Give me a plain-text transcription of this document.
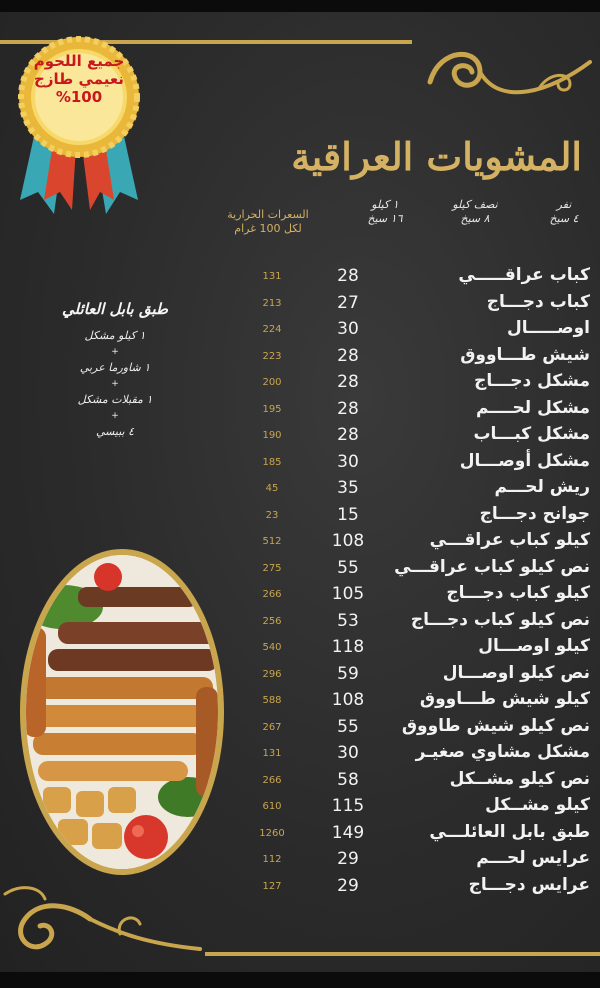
جميع اللحوم
نعيمي طازج
%100
المشويات العراقية
نفر
٤ سيخ
نصف كيلو
٨ سيخ
١ كيلو
١٦ سيخ
السعرات الحرارية
لكل 100 غرام
131	28	كباب عراقـــــي
213	27	كباب دجـــاج
224	30	اوصـــــال
223	28	شيش طـــاووق
200	28	مشكل دجـــاج
195	28	مشكل لحــــم
190	28	مشكل كبـــاب
185	30	مشكل أوصـــال
45	35	ريش لحـــم
23	15	جوانح دجـــاج
512	108	كيلو كباب عراقـــي
275	55	نص كيلو كباب عراقـــي
266	105	كيلو كباب دجـــاج
256	53	نص كيلو كباب دجـــاج
540	118	كيلو اوصـــال
296	59	نص كيلو اوصـــال
588	108	كيلو شيش طـــاووق
267	55	نص كيلو شيش طاووق
131	30	مشكل مشاوي صغيـر
266	58	نص كيلو مشــكل
610	115	كيلو مشــكل
1260	149	طبق بابل العائلـــي
112	29	عرايس لحـــم
127	29	عرايس دجـــاج
طبق بابل العائلي
١ كيلو مشكل
+
١ شاورما عربي
+
١ مقبلات مشكل
+
٤ ببيسي
